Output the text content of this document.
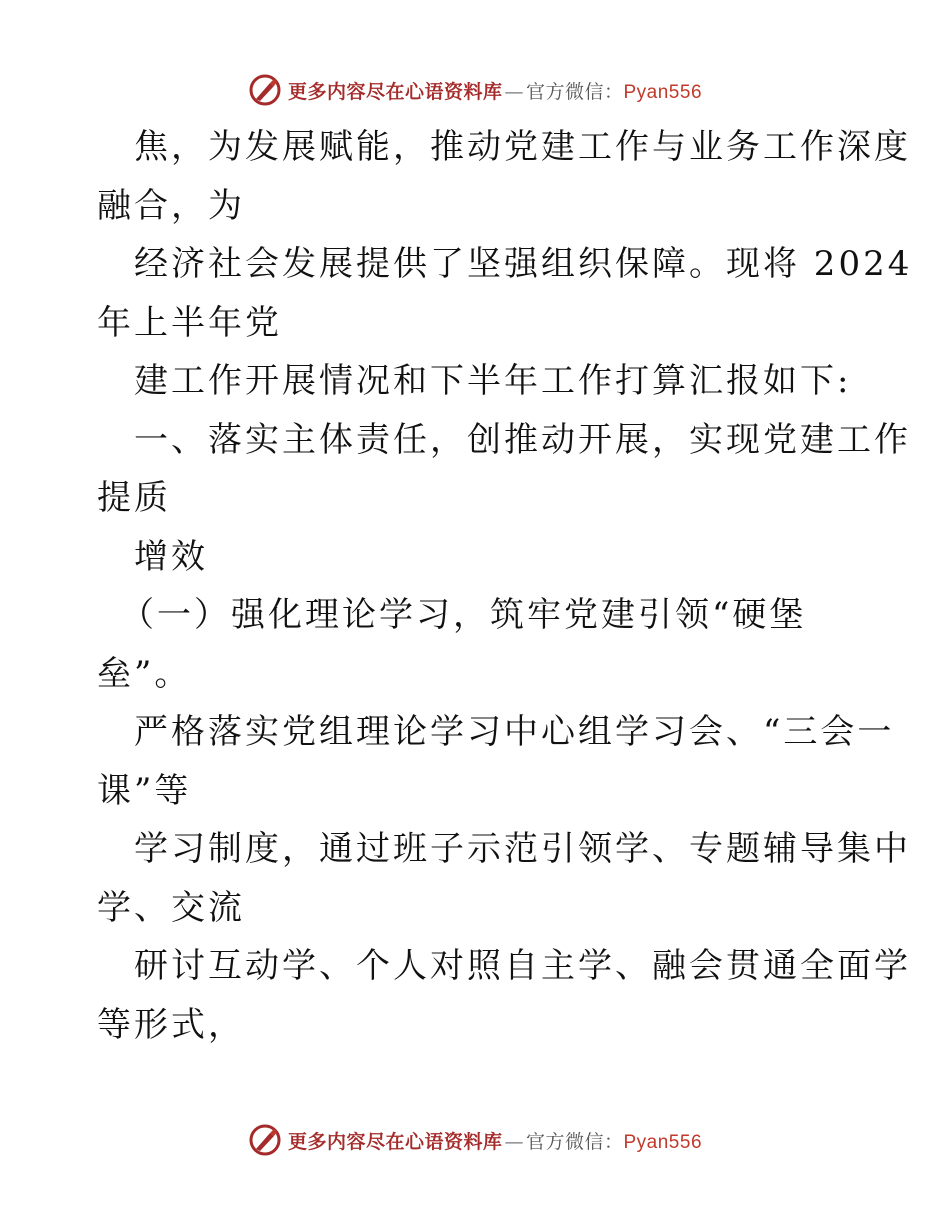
更多内容尽在心语资料库 — 官方微信：Pyan556
焦，为发展赋能，推动党建工作与业务工作深度
融合，为
经济社会发展提供了坚强组织保障。现将 2024
年上半年党
建工作开展情况和下半年工作打算汇报如下:
一、落实主体责任，创推动开展，实现党建工作
提质
增效
（一）强化理论学习，筑牢党建引领“硬堡
垒”。
严格落实党组理论学习中心组学习会、“三会一
课”等
学习制度，通过班子示范引领学、专题辅导集中
学、交流
研讨互动学、个人对照自主学、融会贯通全面学
等形式，
更多内容尽在心语资料库 — 官方微信：Pyan556
